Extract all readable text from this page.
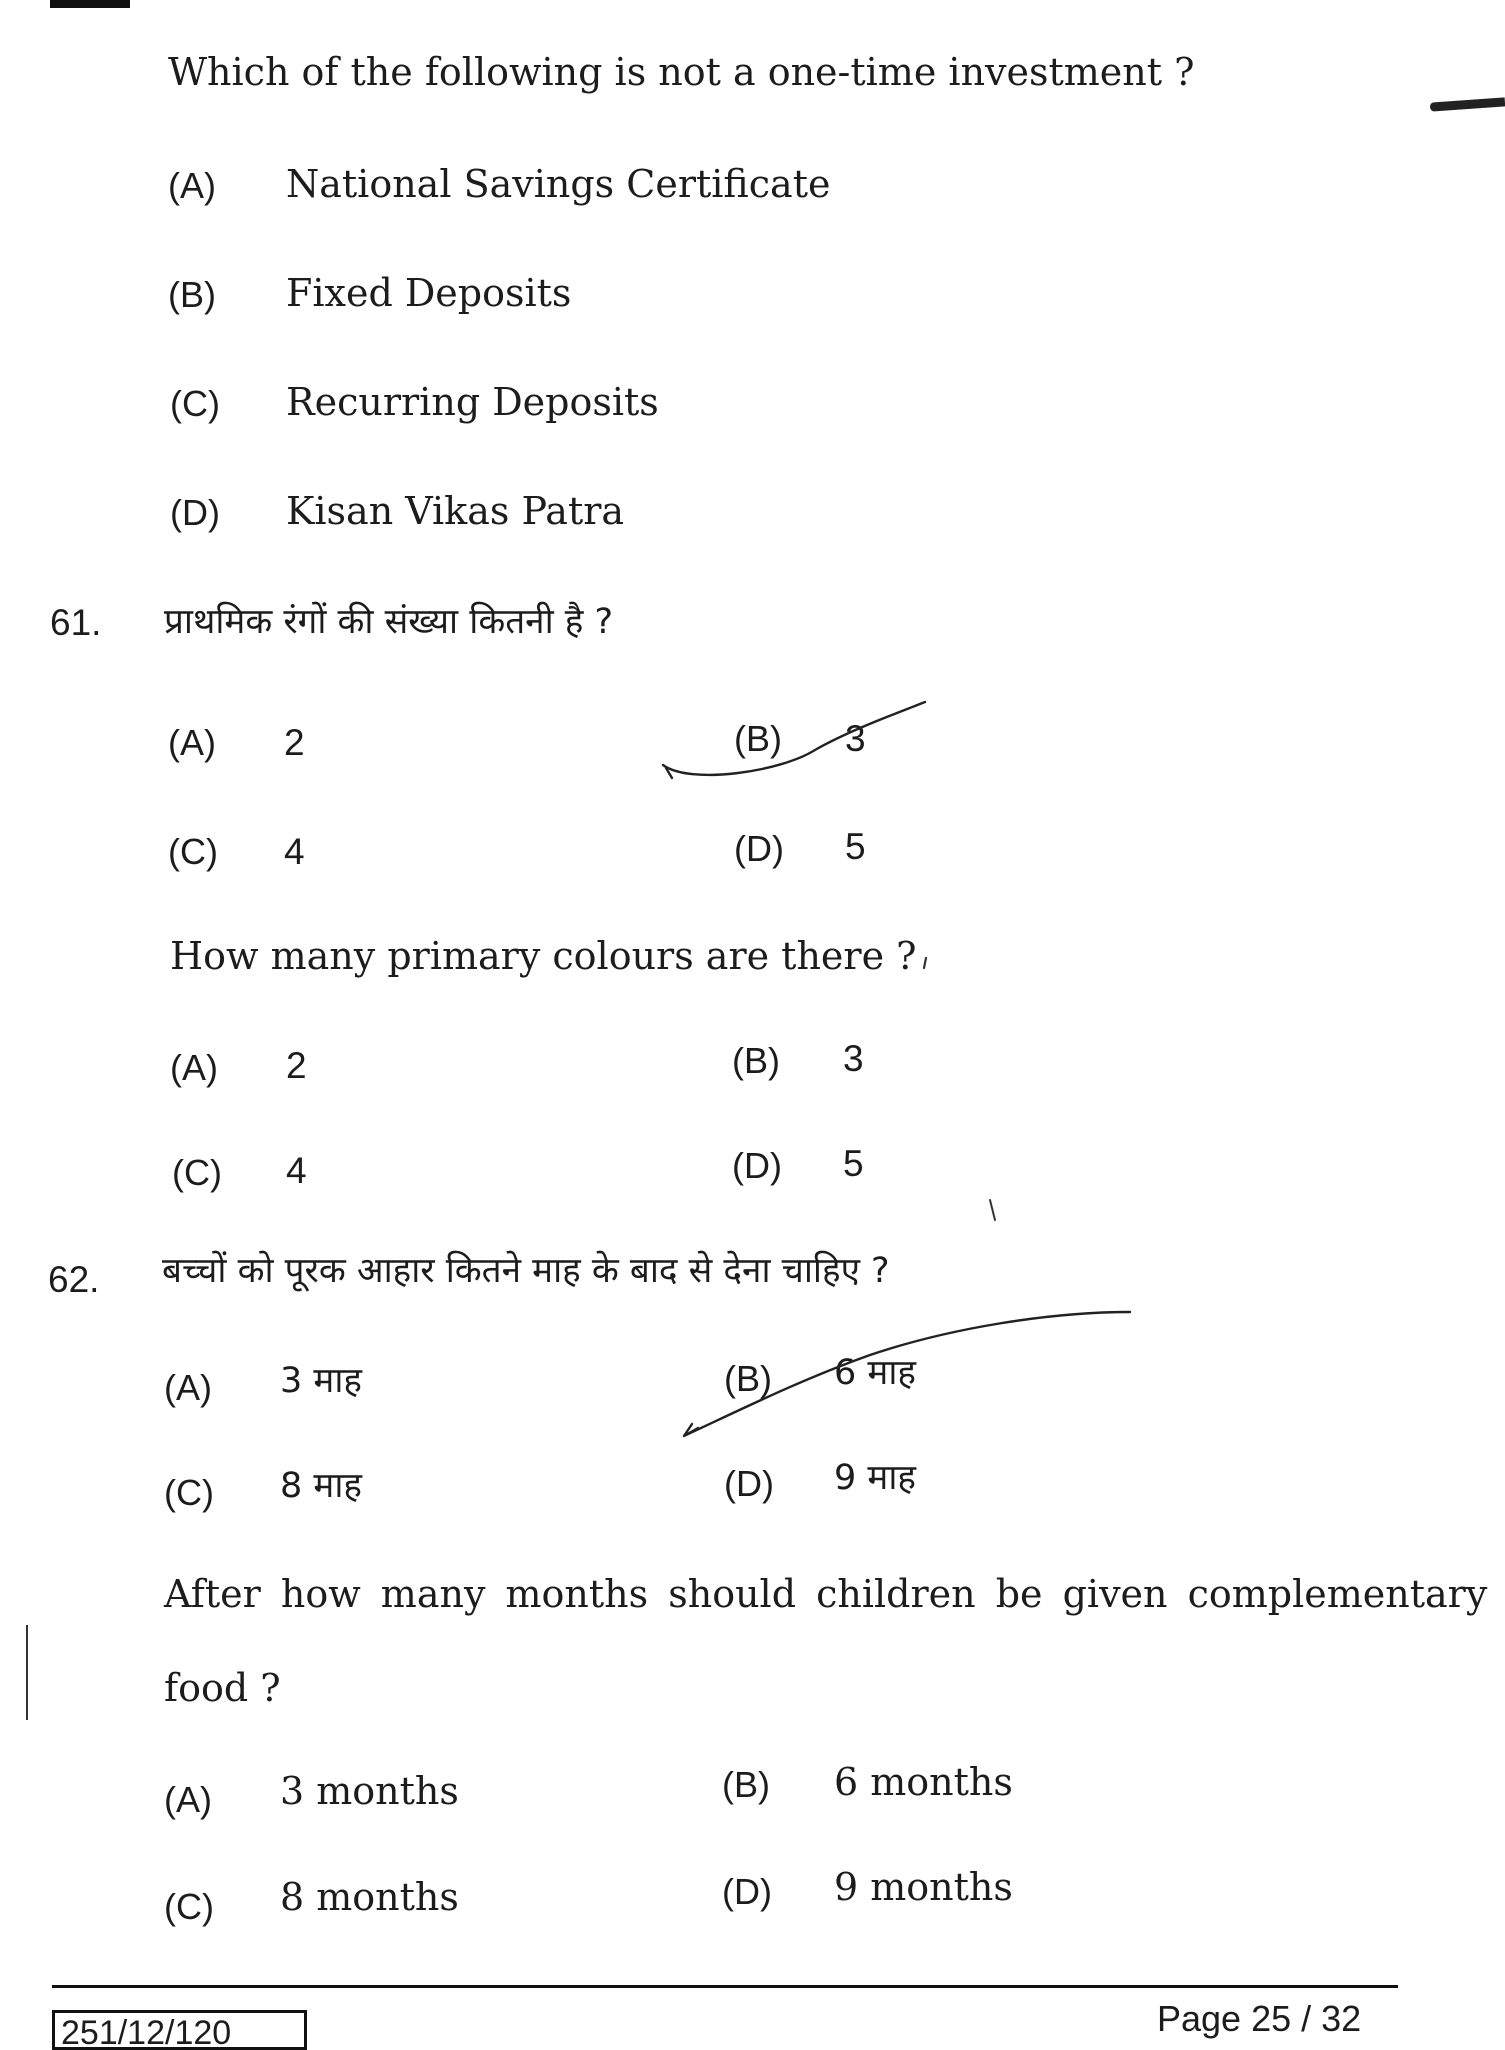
Which of the following is not a one-time investment ?
(A) National Savings Certificate
(B) Fixed Deposits
(C) Recurring Deposits
(D) Kisan Vikas Patra
61. प्राथमिक रंगों की संख्या कितनी है ?
(A) 2	(B) 3
(C) 4	(D) 5
How many primary colours are there ?
(A) 2	(B) 3
(C) 4	(D) 5
62. बच्चों को पूरक आहार कितने माह के बाद से देना चाहिए ?
(A) 3 माह	(B) 6 माह
(C) 8 माह	(D) 9 माह
After how many months should children be given complementary
food ?
(A) 3 months	(B) 6 months
(C) 8 months	(D) 9 months
251/12/120	Page 25 / 32
